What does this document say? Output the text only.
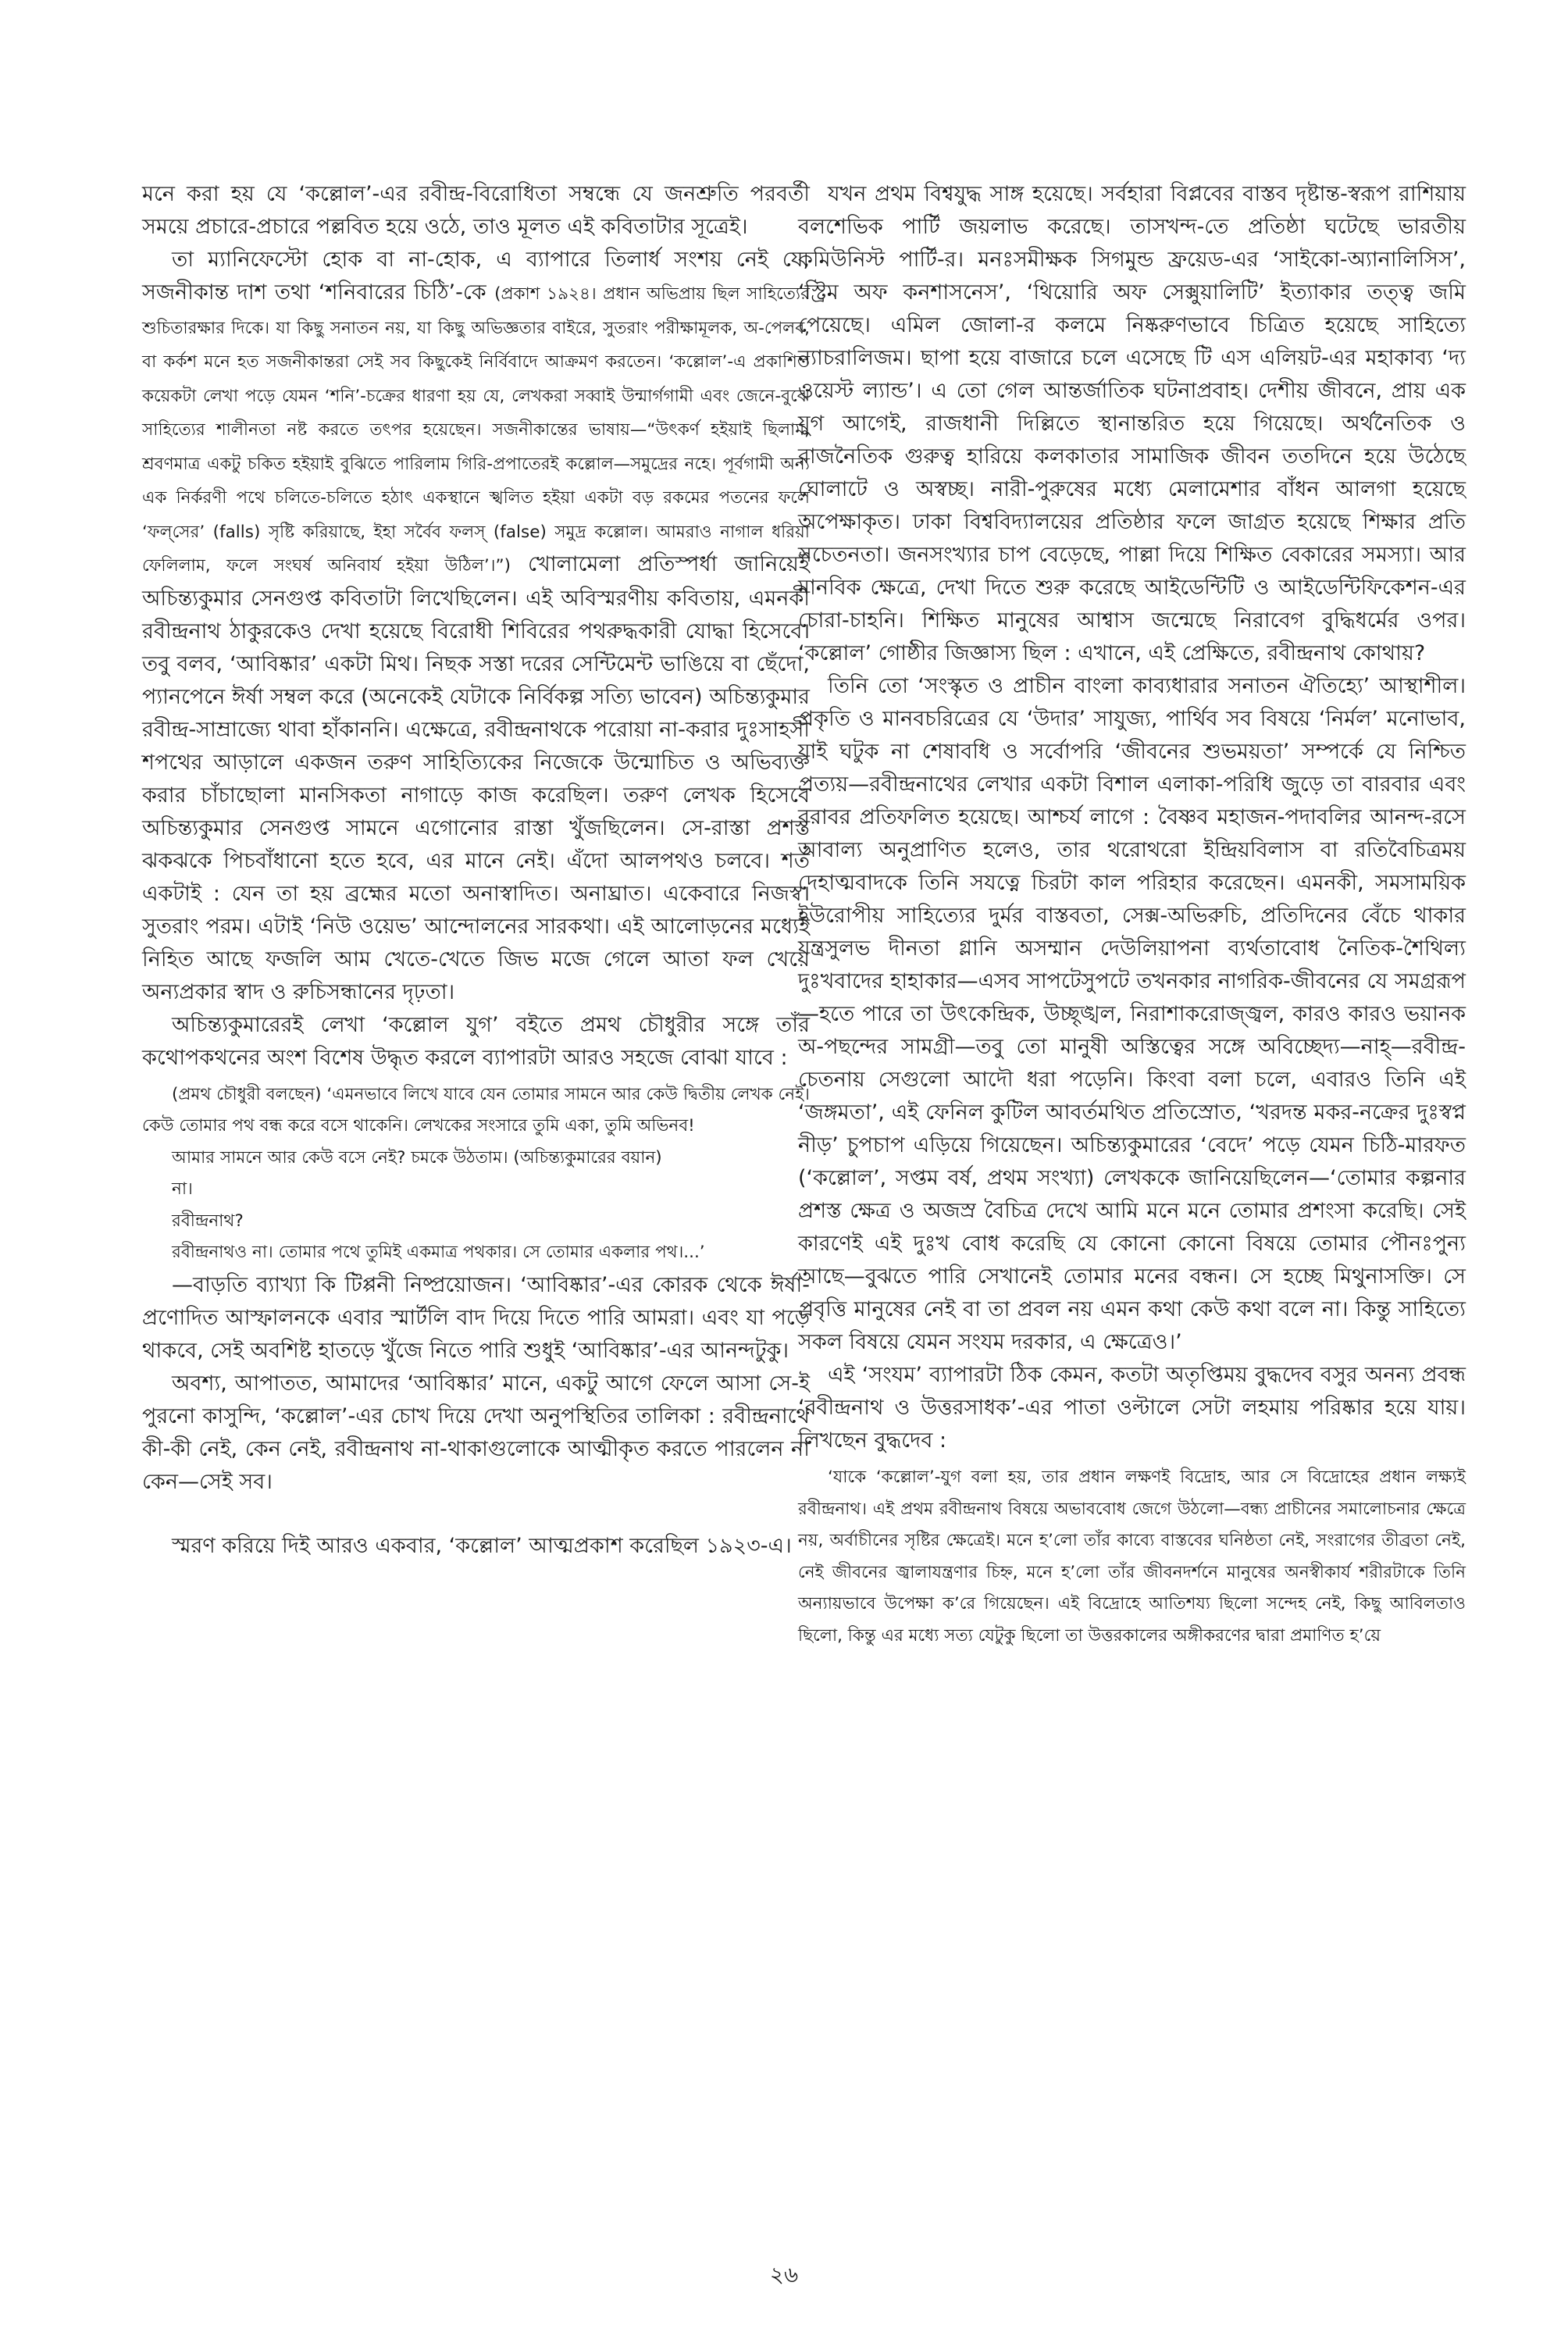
মনে করা হয় যে ‘কল্লোল’-এর রবীন্দ্র-বিরোধিতা সম্বন্ধে যে জনশ্রুতি পরবর্তী সময়ে প্রচারে-প্রচারে পল্লবিত হয়ে ওঠে, তাও মূলত এই কবিতাটার সূত্রেই।

তা ম্যানিফেস্টো হোক বা না-হোক, এ ব্যাপারে তিলার্ধ সংশয় নেই যে, সজনীকান্ত দাশ তথা ‘শনিবারের চিঠি’-কে (প্রকাশ ১৯২৪। প্রধান অভিপ্রায় ছিল সাহিত্যের শুচিতারক্ষার দিকে। যা কিছু সনাতন নয়, যা কিছু অভিজ্ঞতার বাইরে, সুতরাং পরীক্ষামূলক, অ-পেলব, বা কর্কশ মনে হত সজনীকান্তরা সেই সব কিছুকেই নির্বিবাদে আক্রমণ করতেন। ‘কল্লোল’-এ প্রকাশিত কয়েকটা লেখা পড়ে যেমন ‘শনি’-চক্রের ধারণা হয় যে, লেখকরা সব্বাই উন্মার্গগামী এবং জেনে-বুঝে সাহিত্যের শালীনতা নষ্ট করতে তৎপর হয়েছেন। সজনীকান্তের ভাষায়—“উৎকর্ণ হইয়াই ছিলাম, শ্রবণমাত্র একটু চকিত হইয়াই বুঝিতে পারিলাম গিরি-প্রপাতেরই কল্লোল—সমুদ্রের নহে। পূর্বগামী অন্য এক নির্করণী পথে চলিতে-চলিতে হঠাৎ একস্থানে স্খলিত হইয়া একটা বড় রকমের পতনের ফলে ‘ফল্‌সের’ (falls) সৃষ্টি করিয়াছে, ইহা সর্বৈব ফলস্‌ (false) সমুদ্র কল্লোল। আমরাও নাগাল ধরিয়া ফেলিলাম, ফলে সংঘর্ষ অনিবার্য হইয়া উঠিল’।”) খোলামেলা প্রতিস্পর্ধা জানিয়েই অচিন্ত্যকুমার সেনগুপ্ত কবিতাটা লিখেছিলেন। এই অবিস্মরণীয় কবিতায়, এমনকী রবীন্দ্রনাথ ঠাকুরকেও দেখা হয়েছে বিরোধী শিবিরের পথরুদ্ধকারী যোদ্ধা হিসেবে। তবু বলব, ‘আবিষ্কার’ একটা মিথ। নিছক সস্তা দরের সেন্টিমেন্ট ভাঙিয়ে বা ছেঁদো, প্যানপেনে ঈর্ষা সম্বল করে (অনেকেই যেটাকে নির্বিকল্প সত্যি ভাবেন) অচিন্ত্যকুমার রবীন্দ্র-সাম্রাজ্যে থাবা হাঁকাননি। এক্ষেত্রে, রবীন্দ্রনাথকে পরোয়া না-করার দুঃসাহসী শপথের আড়ালে একজন তরুণ সাহিত্যিকের নিজেকে উন্মোচিত ও অভিব্যক্ত করার চাঁচাছোলা মানসিকতা নাগাড়ে কাজ করেছিল। তরুণ লেখক হিসেবে অচিন্ত্যকুমার সেনগুপ্ত সামনে এগোনোর রাস্তা খুঁজছিলেন। সে-রাস্তা প্রশস্ত ঝকঝকে পিচবাঁধানো হতে হবে, এর মানে নেই। এঁদো আলপথও চলবে। শর্ত একটাই : যেন তা হয় ব্রহ্মের মতো অনাস্বাদিত। অনাঘ্রাত। একেবারে নিজস্ব। সুতরাং পরম। এটাই ‘নিউ ওয়েভ’ আন্দোলনের সারকথা। এই আলোড়নের মধ্যেই নিহিত আছে ফজলি আম খেতে-খেতে জিভ মজে গেলে আতা ফল খেয়ে অন্যপ্রকার স্বাদ ও রুচিসন্ধানের দৃঢ়তা।

অচিন্ত্যকুমারেরই লেখা ‘কল্লোল যুগ’ বইতে প্রমথ চৌধুরীর সঙ্গে তাঁর কথোপকথনের অংশ বিশেষ উদ্ধৃত করলে ব্যাপারটা আরও সহজে বোঝা যাবে :

(প্রমথ চৌধুরী বলছেন) ‘এমনভাবে লিখে যাবে যেন তোমার সামনে আর কেউ দ্বিতীয় লেখক নেই। কেউ তোমার পথ বন্ধ করে বসে থাকেনি। লেখকের সংসারে তুমি একা, তুমি অভিনব!

আমার সামনে আর কেউ বসে নেই? চমকে উঠতাম। (অচিন্ত্যকুমারের বয়ান)

না।

রবীন্দ্রনাথ?

রবীন্দ্রনাথও না। তোমার পথে তুমিই একমাত্র পথকার। সে তোমার একলার পথ।...’

—বাড়তি ব্যাখ্যা কি টিপ্পনী নিষ্প্রয়োজন। ‘আবিষ্কার’-এর কোরক থেকে ঈর্ষা-প্রণোদিত আস্ফালনকে এবার স্মার্টলি বাদ দিয়ে দিতে পারি আমরা। এবং যা পড়ে থাকবে, সেই অবশিষ্ট হাতড়ে খুঁজে নিতে পারি শুধুই ‘আবিষ্কার’-এর আনন্দটুকু।

অবশ্য, আপাতত, আমাদের ‘আবিষ্কার’ মানে, একটু আগে ফেলে আসা সে-ই পুরনো কাসুন্দি, ‘কল্লোল’-এর চোখ দিয়ে দেখা অনুপস্থিতির তালিকা : রবীন্দ্রনাথে কী-কী নেই, কেন নেই, রবীন্দ্রনাথ না-থাকাগুলোকে আত্মীকৃত করতে পারলেন না কেন—সেই সব।

স্মরণ করিয়ে দিই আরও একবার, ‘কল্লোল’ আত্মপ্রকাশ করেছিল ১৯২৩-এ।

যখন প্রথম বিশ্বযুদ্ধ সাঙ্গ হয়েছে। সর্বহারা বিপ্লবের বাস্তব দৃষ্টান্ত-স্বরূপ রাশিয়ায় বলশেভিক পার্টি জয়লাভ করেছে। তাসখন্দ-তে প্রতিষ্ঠা ঘটেছে ভারতীয় কমিউনিস্ট পার্টি-র। মনঃসমীক্ষক সিগমুন্ড ফ্রয়েড-এর ‘সাইকো-অ্যানালিসিস’, ‘স্ট্রিম অফ কনশাসনেস’, ‘থিয়োরি অফ সেক্সুয়ালিটি’ ইত্যাকার তত্ত্ব জমি পেয়েছে। এমিল জোলা-র কলমে নিষ্করুণভাবে চিত্রিত হয়েছে সাহিত্যে ন্যাচরালিজম। ছাপা হয়ে বাজারে চলে এসেছে টি এস এলিয়ট-এর মহাকাব্য ‘দ্য ওয়েস্ট ল্যান্ড’। এ তো গেল আন্তর্জাতিক ঘটনাপ্রবাহ। দেশীয় জীবনে, প্রায় এক যুগ আগেই, রাজধানী দিল্লিতে স্থানান্তরিত হয়ে গিয়েছে। অর্থনৈতিক ও রাজনৈতিক গুরুত্ব হারিয়ে কলকাতার সামাজিক জীবন ততদিনে হয়ে উঠেছে ঘোলাটে ও অস্বচ্ছ। নারী-পুরুষের মধ্যে মেলামেশার বাঁধন আলগা হয়েছে অপেক্ষাকৃত। ঢাকা বিশ্ববিদ্যালয়ের প্রতিষ্ঠার ফলে জাগ্রত হয়েছে শিক্ষার প্রতি সচেতনতা। জনসংখ্যার চাপ বেড়েছে, পাল্লা দিয়ে শিক্ষিত বেকারের সমস্যা। আর মানবিক ক্ষেত্রে, দেখা দিতে শুরু করেছে আইডেন্টিটি ও আইডেন্টিফিকেশন-এর চোরা-চাহনি। শিক্ষিত মানুষের আশ্বাস জন্মেছে নিরাবেগ বুদ্ধিধর্মের ওপর। ‘কল্লোল’ গোষ্ঠীর জিজ্ঞাস্য ছিল : এখানে, এই প্রেক্ষিতে, রবীন্দ্রনাথ কোথায়?

তিনি তো ‘সংস্কৃত ও প্রাচীন বাংলা কাব্যধারার সনাতন ঐতিহ্যে’ আস্থাশীল। প্রকৃতি ও মানবচরিত্রের যে ‘উদার’ সাযুজ্য, পার্থিব সব বিষয়ে ‘নির্মল’ মনোভাব, যাই ঘটুক না শেষাবধি ও সর্বোপরি ‘জীবনের শুভময়তা’ সম্পর্কে যে নিশ্চিত প্রত্যয়—রবীন্দ্রনাথের লেখার একটা বিশাল এলাকা-পরিধি জুড়ে তা বারবার এবং বরাবর প্রতিফলিত হয়েছে। আশ্চর্য লাগে : বৈষ্ণব মহাজন-পদাবলির আনন্দ-রসে আবাল্য অনুপ্রাণিত হলেও, তার থরোথরো ইন্দ্রিয়বিলাস বা রতিবৈচিত্রময় দেহাত্মবাদকে তিনি সযত্নে চিরটা কাল পরিহার করেছেন। এমনকী, সমসাময়িক ইউরোপীয় সাহিত্যের দুর্মর বাস্তবতা, সেক্স-অভিরুচি, প্রতিদিনের বেঁচে থাকার যন্ত্রসুলভ দীনতা গ্লানি অসম্মান দেউলিয়াপনা ব্যর্থতাবোধ নৈতিক-শৈথিল্য দুঃখবাদের হাহাকার—এসব সাপটেসুপটে তখনকার নাগরিক-জীবনের যে সমগ্ররূপ—হতে পারে তা উৎকেন্দ্রিক, উচ্ছৃঙ্খল, নিরাশাকরোজ্জ্বল, কারও কারও ভয়ানক অ-পছন্দের সামগ্রী—তবু তো মানুষী অস্তিত্বের সঙ্গে অবিচ্ছেদ্য—নাহ্‌—রবীন্দ্র-চেতনায় সেগুলো আদৌ ধরা পড়েনি। কিংবা বলা চলে, এবারও তিনি এই ‘জঙ্গমতা’, এই ফেনিল কুটিল আবর্তমথিত প্রতিস্রোত, ‘খরদন্ত মকর-নক্রের দুঃস্বপ্ন নীড়’ চুপচাপ এড়িয়ে গিয়েছেন। অচিন্ত্যকুমারের ‘বেদে’ পড়ে যেমন চিঠি-মারফত (‘কল্লোল’, সপ্তম বর্ষ, প্রথম সংখ্যা) লেখককে জানিয়েছিলেন—‘তোমার কল্পনার প্রশস্ত ক্ষেত্র ও অজস্র বৈচিত্র দেখে আমি মনে মনে তোমার প্রশংসা করেছি। সেই কারণেই এই দুঃখ বোধ করেছি যে কোনো কোনো বিষয়ে তোমার পৌনঃপুন্য আছে—বুঝতে পারি সেখানেই তোমার মনের বন্ধন। সে হচ্ছে মিথুনাসক্তি। সে প্রবৃত্তি মানুষের নেই বা তা প্রবল নয় এমন কথা কেউ কথা বলে না। কিন্তু সাহিত্যে সকল বিষয়ে যেমন সংযম দরকার, এ ক্ষেত্রেও।’

এই ‘সংযম’ ব্যাপারটা ঠিক কেমন, কতটা অতৃপ্তিময় বুদ্ধদেব বসুর অনন্য প্রবন্ধ ‘রবীন্দ্রনাথ ও উত্তরসাধক’-এর পাতা ওল্টালে সেটা লহমায় পরিষ্কার হয়ে যায়। লিখছেন বুদ্ধদেব :

‘যাকে ‘কল্লোল’-যুগ বলা হয়, তার প্রধান লক্ষণই বিদ্রোহ, আর সে বিদ্রোহের প্রধান লক্ষ্যই রবীন্দ্রনাথ। এই প্রথম রবীন্দ্রনাথ বিষয়ে অভাববোধ জেগে উঠলো—বন্ধ্য প্রাচীনের সমালোচনার ক্ষেত্রে নয়, অর্বাচীনের সৃষ্টির ক্ষেত্রেই। মনে হ’লো তাঁর কাব্যে বাস্তবের ঘনিষ্ঠতা নেই, সংরাগের তীব্রতা নেই, নেই জীবনের জ্বালাযন্ত্রণার চিহ্ন, মনে হ’লো তাঁর জীবনদর্শনে মানুষের অনস্বীকার্য শরীরটাকে তিনি অন্যায়ভাবে উপেক্ষা ক’রে গিয়েছেন। এই বিদ্রোহে আতিশয্য ছিলো সন্দেহ নেই, কিছু আবিলতাও ছিলো, কিন্তু এর মধ্যে সত্য যেটুকু ছিলো তা উত্তরকালের অঙ্গীকরণের দ্বারা প্রমাণিত হ’য়ে

২৬
